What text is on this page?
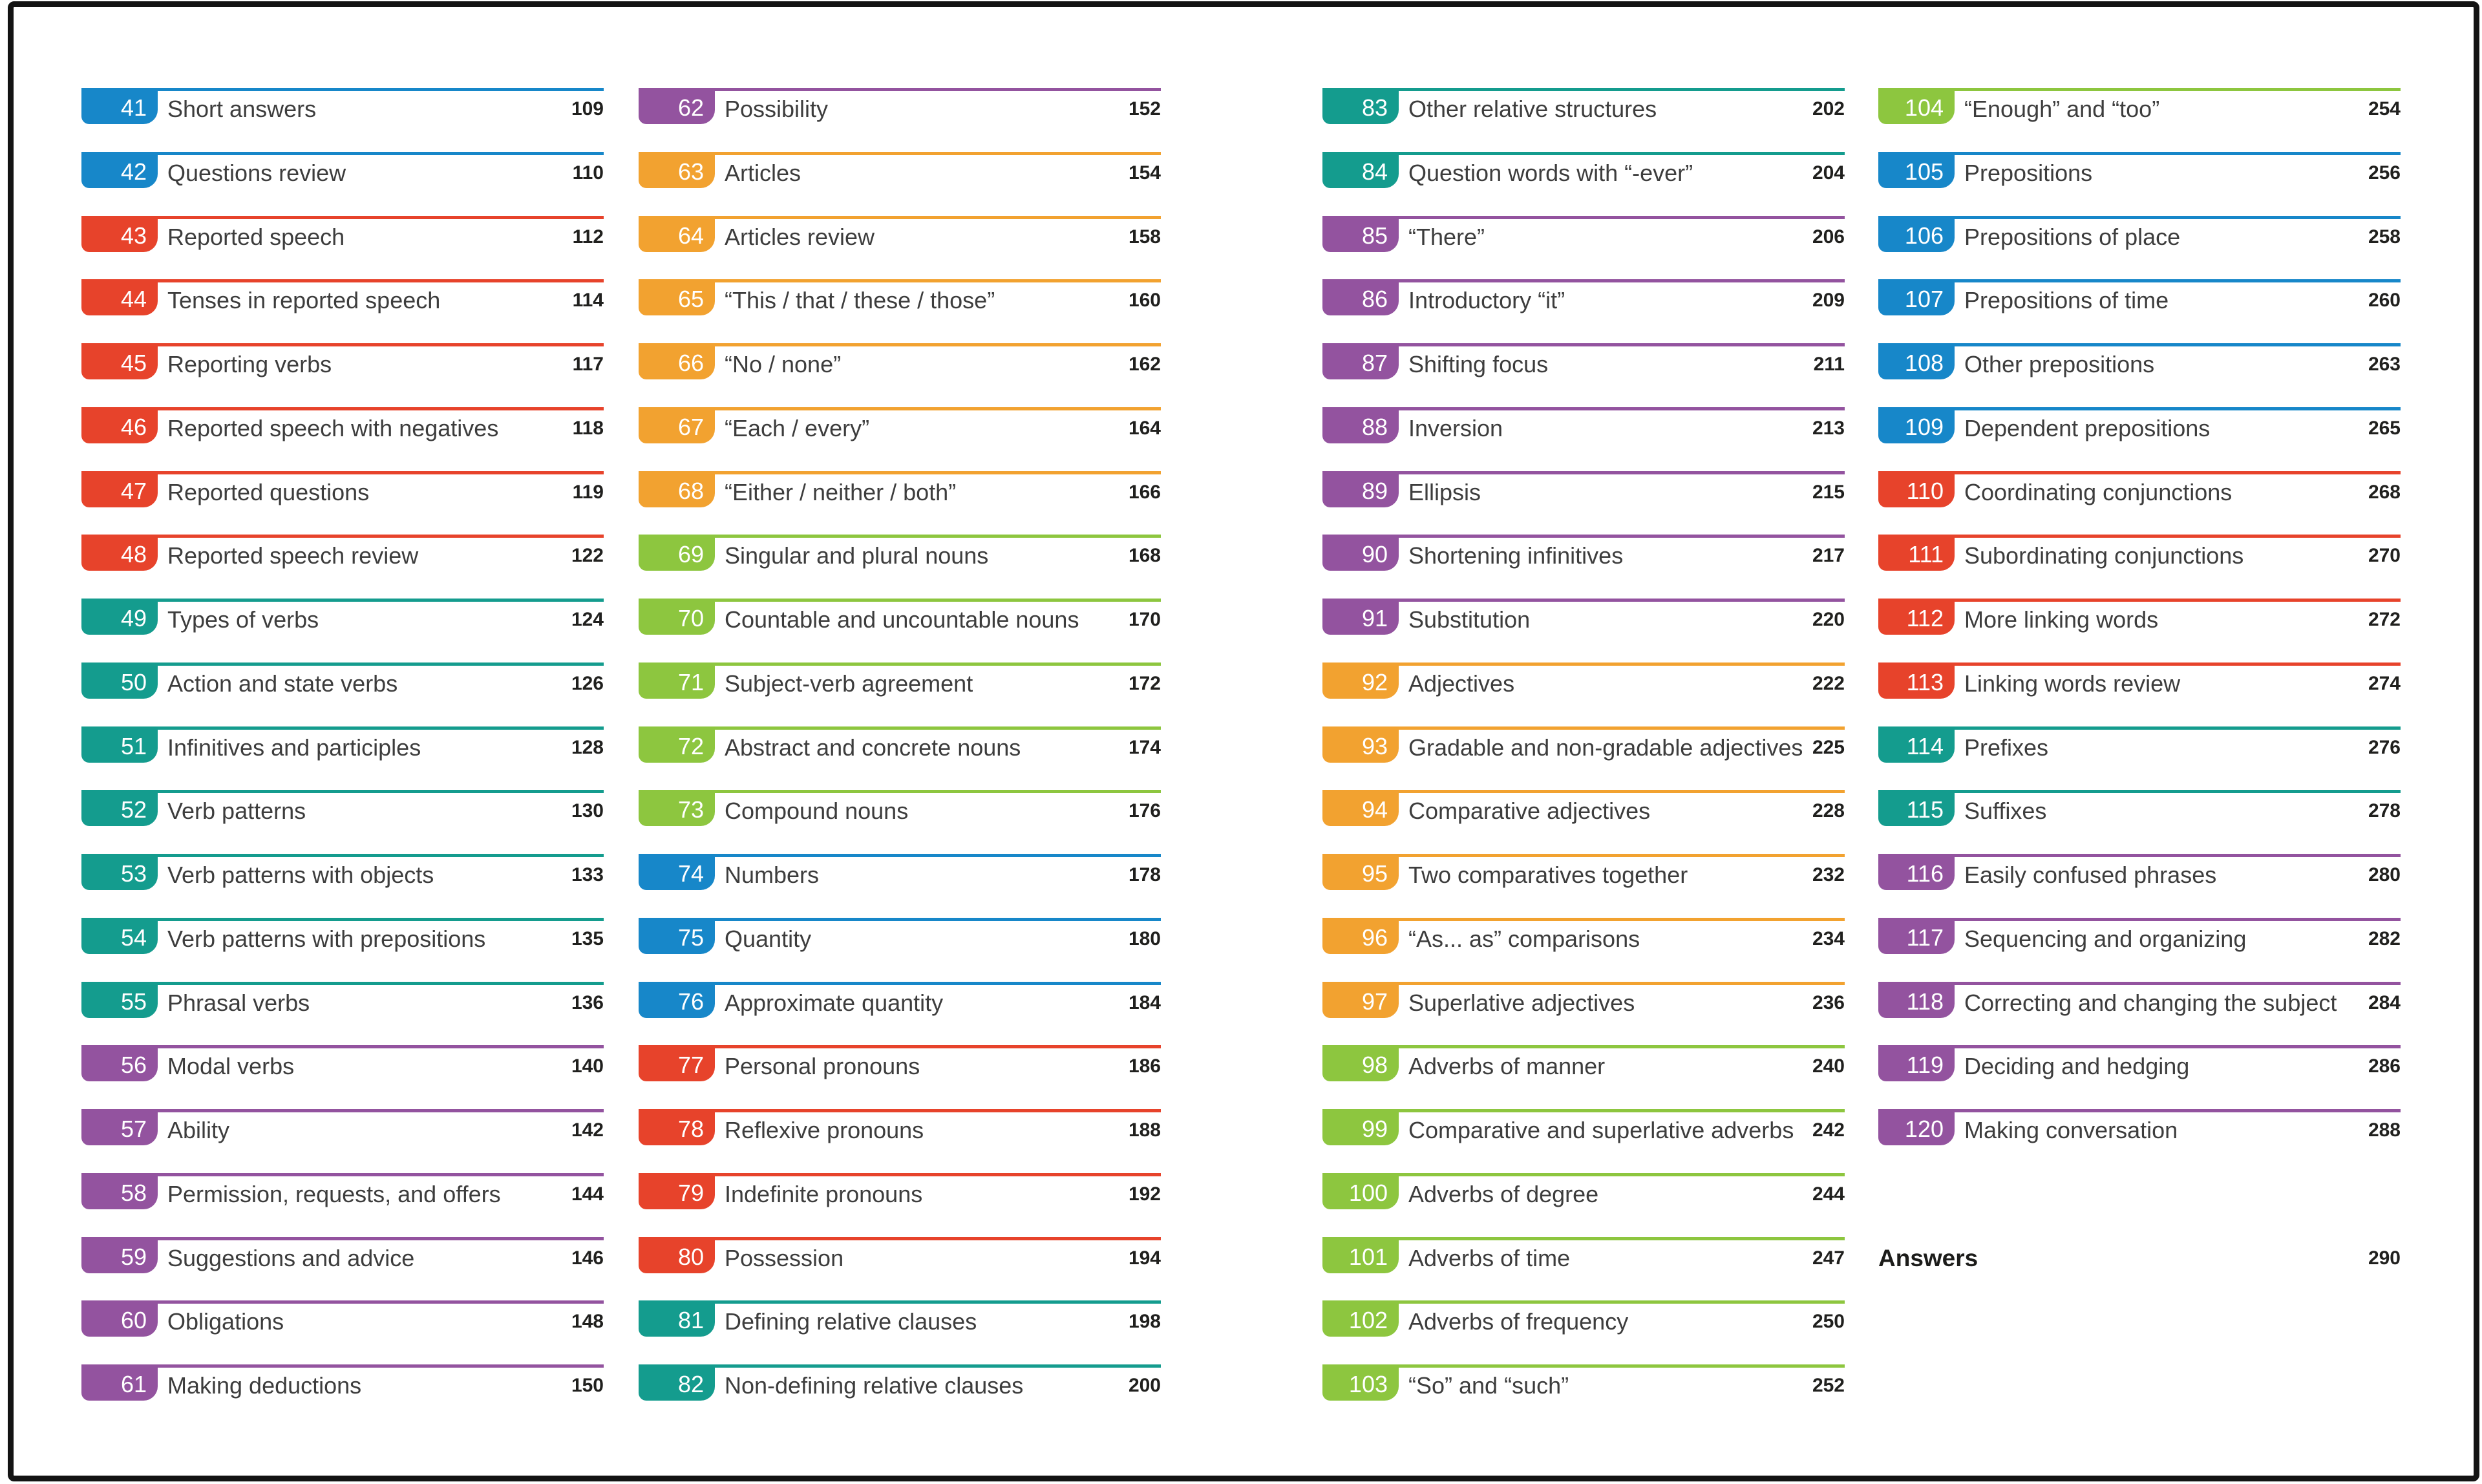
41 Short answers	109
42 Questions review	110
43 Reported speech	112
44 Tenses in reported speech	114
45 Reporting verbs	117
46 Reported speech with negatives	118
47 Reported questions	119
48 Reported speech review	122
49 Types of verbs	124
50 Action and state verbs	126
51 Infinitives and participles	128
52 Verb patterns	130
53 Verb patterns with objects	133
54 Verb patterns with prepositions	135
55 Phrasal verbs	136
56 Modal verbs	140
57 Ability	142
58 Permission, requests, and offers	144
59 Suggestions and advice	146
60 Obligations	148
61 Making deductions	150
62 Possibility	152
63 Articles	154
64 Articles review	158
65 “This / that / these / those”	160
66 “No / none”	162
67 “Each / every”	164
68 “Either / neither / both”	166
69 Singular and plural nouns	168
70 Countable and uncountable nouns	170
71 Subject-verb agreement	172
72 Abstract and concrete nouns	174
73 Compound nouns	176
74 Numbers	178
75 Quantity	180
76 Approximate quantity	184
77 Personal pronouns	186
78 Reflexive pronouns	188
79 Indefinite pronouns	192
80 Possession	194
81 Defining relative clauses	198
82 Non-defining relative clauses	200
83 Other relative structures	202
84 Question words with “-ever”	204
85 “There”	206
86 Introductory “it”	209
87 Shifting focus	211
88 Inversion	213
89 Ellipsis	215
90 Shortening infinitives	217
91 Substitution	220
92 Adjectives	222
93 Gradable and non-gradable adjectives 225
94 Comparative adjectives	228
95 Two comparatives together	232
96 “As... as” comparisons	234
97 Superlative adjectives	236
98 Adverbs of manner	240
99 Comparative and superlative adverbs 242
100 Adverbs of degree	244
101 Adverbs of time	247
102 Adverbs of frequency	250
103 “So” and “such”	252
104 “Enough” and “too”	254
105 Prepositions	256
106 Prepositions of place	258
107 Prepositions of time	260
108 Other prepositions	263
109 Dependent prepositions	265
110 Coordinating conjunctions	268
111 Subordinating conjunctions	270
112 More linking words	272
113 Linking words review	274
114 Prefixes	276
115 Suffixes	278
116 Easily confused phrases	280
117 Sequencing and organizing	282
118 Correcting and changing the subject 284
119 Deciding and hedging	286
120 Making conversation	288
Answers	290
